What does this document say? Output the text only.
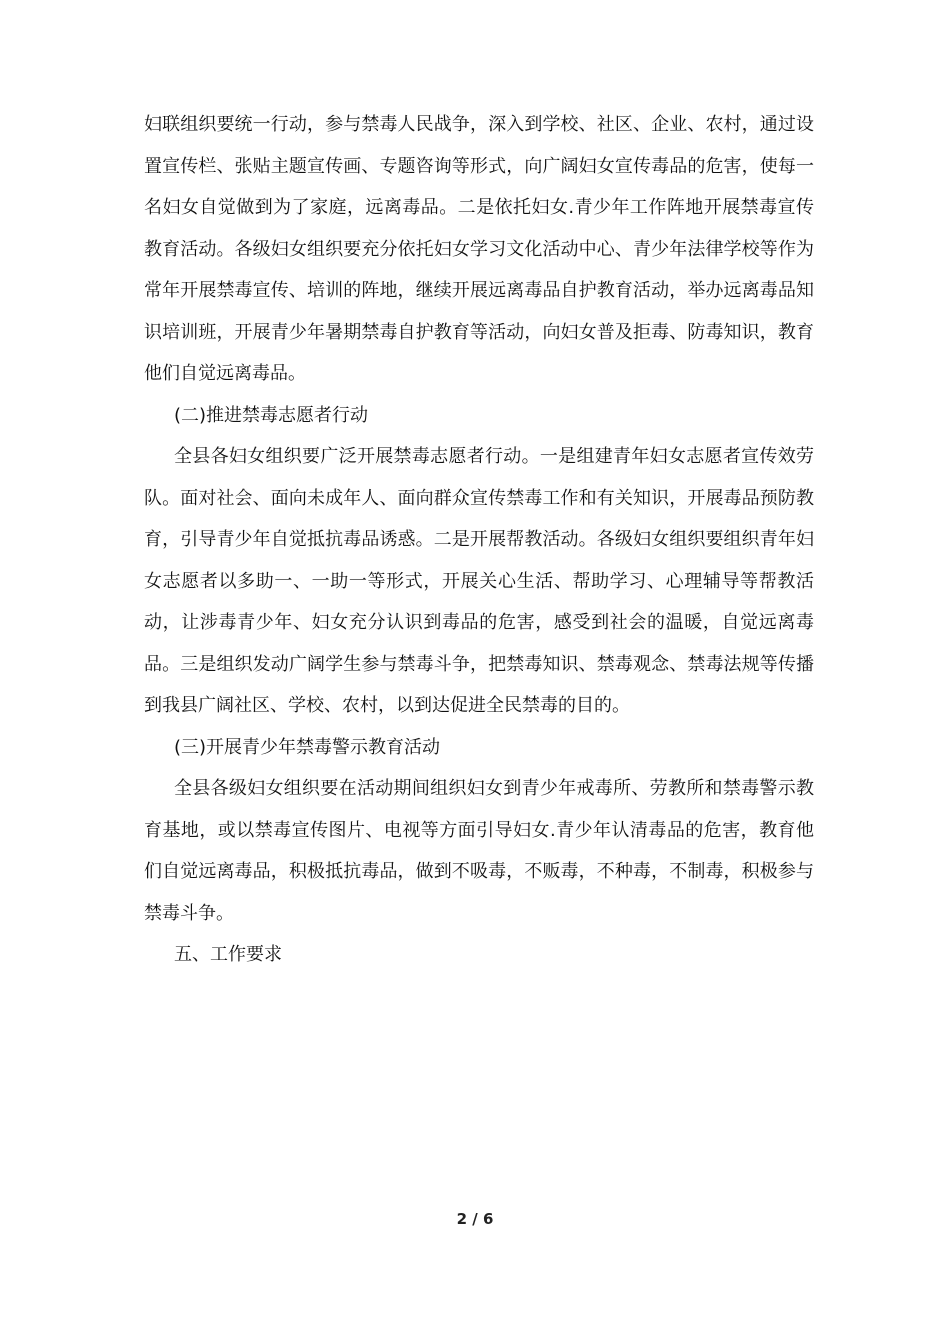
妇联组织要统一行动，参与禁毒人民战争，深入到学校、社区、企业、农村，通过设置宣传栏、张贴主题宣传画、专题咨询等形式，向广阔妇女宣传毒品的危害，使每一名妇女自觉做到为了家庭，远离毒品。二是依托妇女.青少年工作阵地开展禁毒宣传教育活动。各级妇女组织要充分依托妇女学习文化活动中心、青少年法律学校等作为常年开展禁毒宣传、培训的阵地，继续开展远离毒品自护教育活动，举办远离毒品知识培训班，开展青少年暑期禁毒自护教育等活动，向妇女普及拒毒、防毒知识，教育他们自觉远离毒品。

(二)推进禁毒志愿者行动

全县各妇女组织要广泛开展禁毒志愿者行动。一是组建青年妇女志愿者宣传效劳队。面对社会、面向未成年人、面向群众宣传禁毒工作和有关知识，开展毒品预防教育，引导青少年自觉抵抗毒品诱惑。二是开展帮教活动。各级妇女组织要组织青年妇女志愿者以多助一、一助一等形式，开展关心生活、帮助学习、心理辅导等帮教活动，让涉毒青少年、妇女充分认识到毒品的危害，感受到社会的温暖，自觉远离毒品。三是组织发动广阔学生参与禁毒斗争，把禁毒知识、禁毒观念、禁毒法规等传播到我县广阔社区、学校、农村，以到达促进全民禁毒的目的。

(三)开展青少年禁毒警示教育活动

全县各级妇女组织要在活动期间组织妇女到青少年戒毒所、劳教所和禁毒警示教育基地，或以禁毒宣传图片、电视等方面引导妇女.青少年认清毒品的危害，教育他们自觉远离毒品，积极抵抗毒品，做到不吸毒，不贩毒，不种毒，不制毒，积极参与禁毒斗争。

五、工作要求

2 / 6
